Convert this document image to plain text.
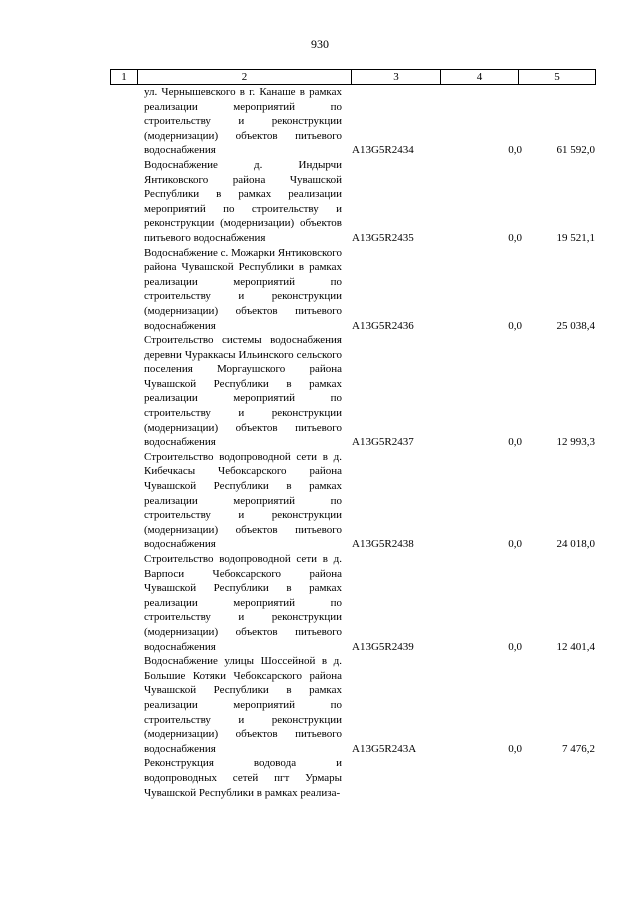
930
1	2	3	4	5
ул. Чернышевского в г. Канаше в рамках реализации мероприятий по строительству и реконструкции (модернизации) объектов питьевого водоснабжения	A13G5R2434	0,0	61 592,0
Водоснабжение д. Индырчи Янтиковского района Чувашской Республики в рамках реализации мероприятий по строительству и реконструкции (модернизации) объектов питьевого водоснабжения	A13G5R2435	0,0	19 521,1
Водоснабжение с. Можарки Янтиковского района Чувашской Республики в рамках реализации мероприятий по строительству и реконструкции (модернизации) объектов питьевого водоснабжения	A13G5R2436	0,0	25 038,4
Строительство системы водоснабжения деревни Чураккасы Ильинского сельского поселения Моргаушского района Чувашской Республики в рамках реализации мероприятий по строительству и реконструкции (модернизации) объектов питьевого водоснабжения	A13G5R2437	0,0	12 993,3
Строительство водопроводной сети в д. Кибечкасы Чебоксарского района Чувашской Республики в рамках реализации мероприятий по строительству и реконструкции (модернизации) объектов питьевого водоснабжения	A13G5R2438	0,0	24 018,0
Строительство водопроводной сети в д. Варпоси Чебоксарского района Чувашской Республики в рамках реализации мероприятий по строительству и реконструкции (модернизации) объектов питьевого водоснабжения	A13G5R2439	0,0	12 401,4
Водоснабжение улицы Шоссейной в д. Большие Котяки Чебоксарского района Чувашской Республики в рамках реализации мероприятий по строительству и реконструкции (модернизации) объектов питьевого водоснабжения	A13G5R243A	0,0	7 476,2
Реконструкция водовода и водопроводных сетей пгт Урмары Чувашской Республики в рамках реализа-
